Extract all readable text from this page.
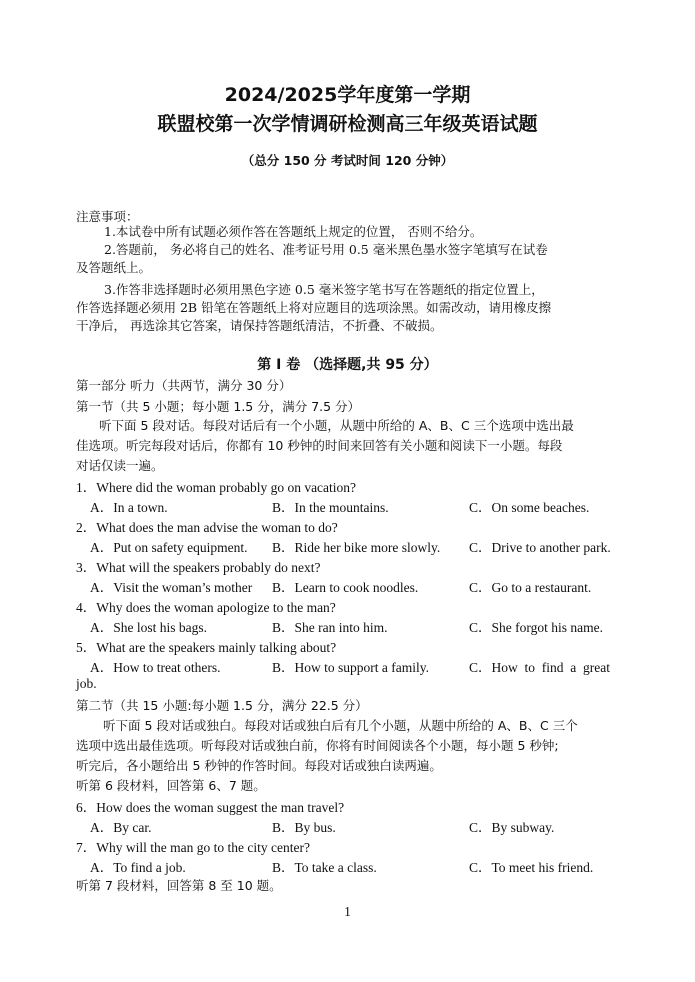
2024/2025学年度第一学期
联盟校第一次学情调研检测高三年级英语试题
（总分 150 分 考试时间 120 分钟）
注意事项：
1.本试卷中所有试题必须作答在答题纸上规定的位置， 否则不给分。
2.答题前， 务必将自己的姓名、准考证号用 0.5 毫米黑色墨水签字笔填写在试卷
及答题纸上。
3.作答非选择题时必须用黑色字迹 0.5 毫米签字笔书写在答题纸的指定位置上，
作答选择题必须用 2B 铅笔在答题纸上将对应题目的选项涂黑。如需改动，请用橡皮擦
干净后， 再选涂其它答案，请保持答题纸清洁，不折叠、不破损。
第 Ⅰ 卷 （选择题,共 95 分）
第一部分 听力（共两节，满分 30 分）
第一节（共 5 小题；每小题 1.5 分，满分 7.5 分）
听下面 5 段对话。每段对话后有一个小题，从题中所给的 A、B、C 三个选项中选出最
佳选项。听完每段对话后，你都有 10 秒钟的时间来回答有关小题和阅读下一小题。每段
对话仅读一遍。
1．Where did the woman probably go on vacation?
A．In a town.	B．In the mountains.	C．On some beaches.
2．What does the man advise the woman to do?
A．Put on safety equipment. B．Ride her bike more slowly. C．Drive to another park.
3．What will the speakers probably do next?
A．Visit the woman’s mother B．Learn to cook noodles.	C．Go to a restaurant.
4．Why does the woman apologize to the man?
A．She lost his bags.	B．She ran into him.	C．She forgot his name.
5．What are the speakers mainly talking about?
A．How to treat others.	B．How to support a family.	C．How  to  find  a  great
job.
第二节（共 15 小题:每小题 1.5 分，满分 22.5 分）
听下面 5 段对话或独白。每段对话或独白后有几个小题，从题中所给的 A、B、C 三个
选项中选出最佳选项。听每段对话或独白前，你将有时间阅读各个小题，每小题 5 秒钟;
听完后，各小题给出 5 秒钟的作答时间。每段对话或独白读两遍。
听第 6 段材料，回答第 6、7 题。
6．How does the woman suggest the man travel?
A．By car.	B．By bus.	C．By subway.
7．Why will the man go to the city center?
A．To find a job.	B．To take a class.	C．To meet his friend.
听第 7 段材料，回答第 8 至 10 题。
1
